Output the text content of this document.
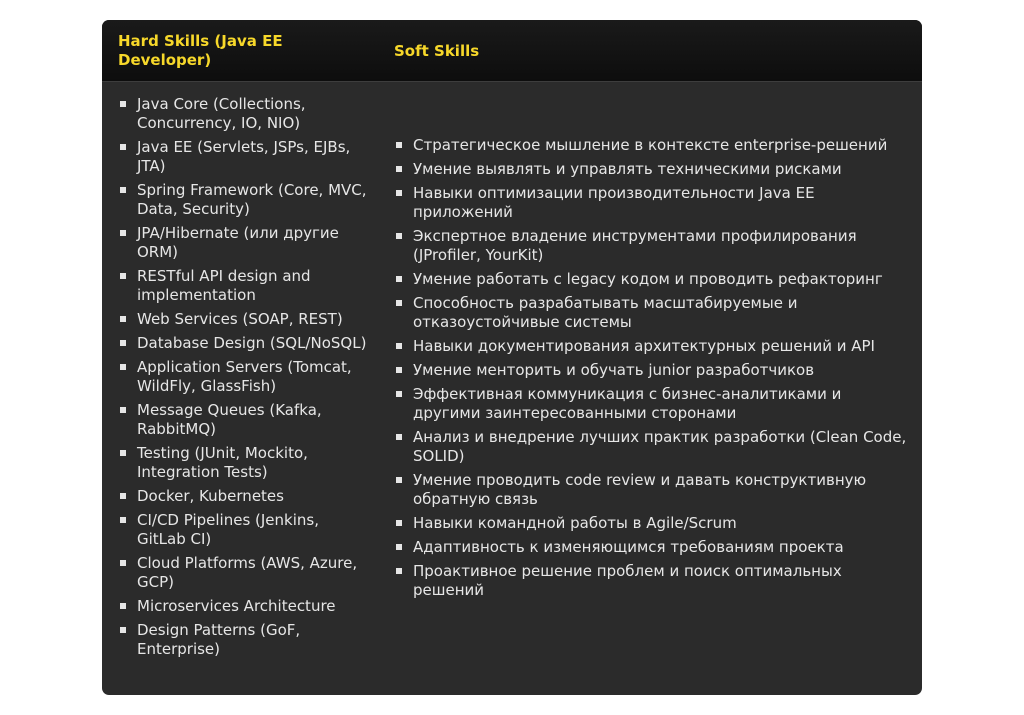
Hard Skills (Java EE Developer)	Soft Skills
Java Core (Collections, Concurrency, IO, NIO)
Java EE (Servlets, JSPs, EJBs, JTA)
Spring Framework (Core, MVC, Data, Security)
JPA/Hibernate (или другие ORM)
RESTful API design and implementation
Web Services (SOAP, REST)
Database Design (SQL/NoSQL)
Application Servers (Tomcat, WildFly, GlassFish)
Message Queues (Kafka, RabbitMQ)
Testing (JUnit, Mockito, Integration Tests)
Docker, Kubernetes
CI/CD Pipelines (Jenkins, GitLab CI)
Cloud Platforms (AWS, Azure, GCP)
Microservices Architecture
Design Patterns (GoF, Enterprise)
Стратегическое мышление в контексте enterprise-решений
Умение выявлять и управлять техническими рисками
Навыки оптимизации производительности Java EE приложений
Экспертное владение инструментами профилирования (JProfiler, YourKit)
Умение работать с legacy кодом и проводить рефакторинг
Способность разрабатывать масштабируемые и отказоустойчивые системы
Навыки документирования архитектурных решений и API
Умение менторить и обучать junior разработчиков
Эффективная коммуникация с бизнес-аналитиками и другими заинтересованными сторонами
Анализ и внедрение лучших практик разработки (Clean Code, SOLID)
Умение проводить code review и давать конструктивную обратную связь
Навыки командной работы в Agile/Scrum
Адаптивность к изменяющимся требованиям проекта
Проактивное решение проблем и поиск оптимальных решений
